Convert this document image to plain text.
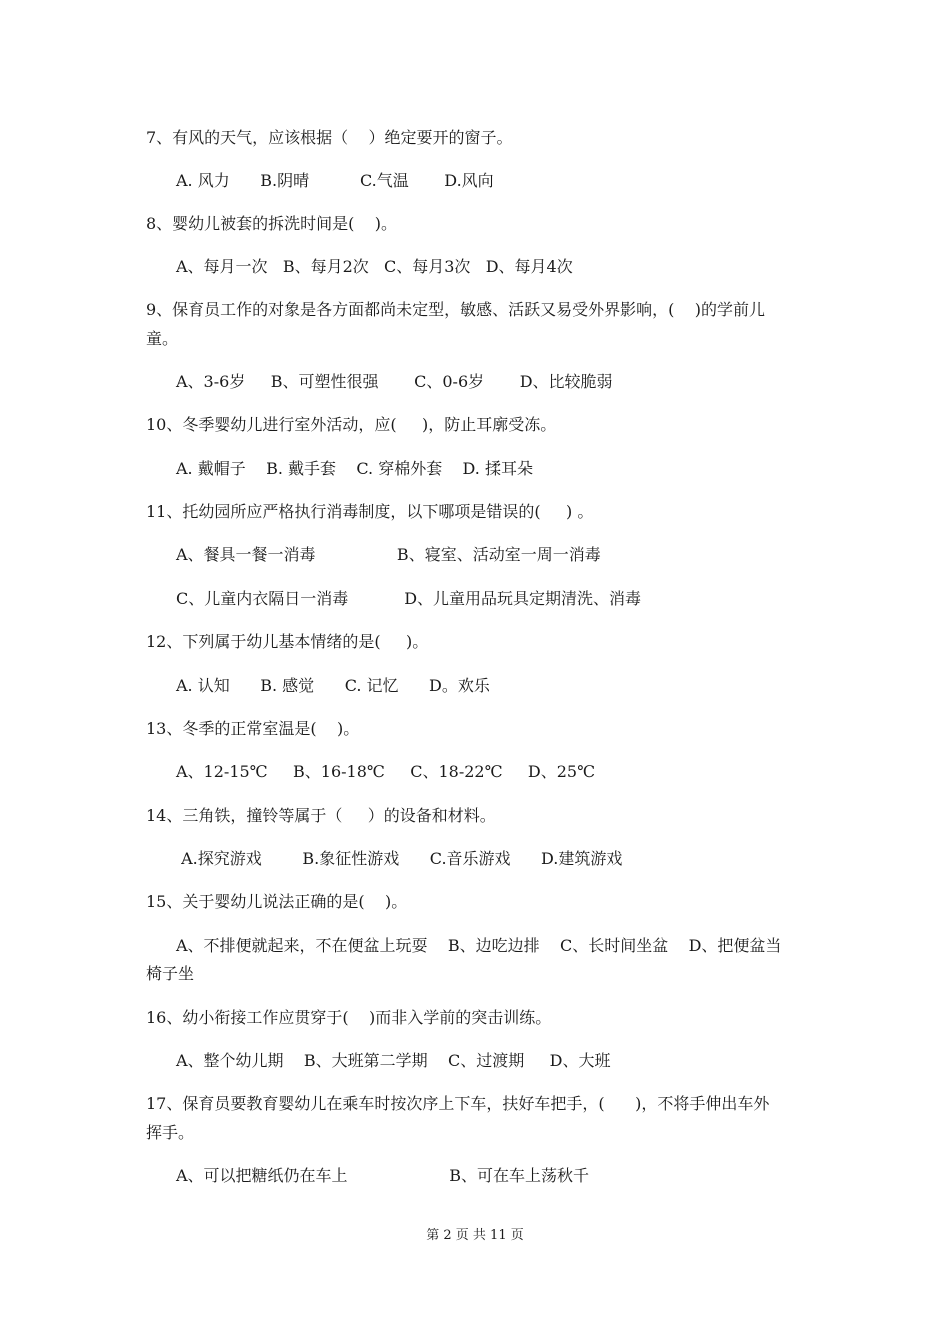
7、有风的天气，应该根据（    ）绝定要开的窗子。
A. 风力      B.阴晴          C.气温       D.风向
8、婴幼儿被套的拆洗时间是(    )。
A、每月一次   B、每月2次   C、每月3次   D、每月4次
9、保育员工作的对象是各方面都尚未定型，敏感、活跃又易受外界影响，(    )的学前儿
童。
A、3-6岁     B、可塑性很强       C、0-6岁       D、比较脆弱
10、冬季婴幼儿进行室外活动，应(     )，防止耳廓受冻。
A. 戴帽子    B. 戴手套    C. 穿棉外套    D. 揉耳朵
11、托幼园所应严格执行消毒制度，以下哪项是错误的(     ) 。
A、餐具一餐一消毒                B、寝室、活动室一周一消毒
C、儿童内衣隔日一消毒           D、儿童用品玩具定期清洗、消毒
12、下列属于幼儿基本情绪的是(     )。
A. 认知      B. 感觉      C. 记忆      D。欢乐
13、冬季的正常室温是(    )。
A、12-15℃     B、16-18℃     C、18-22℃     D、25℃
14、三角铁，撞铃等属于（     ）的设备和材料。
A.探究游戏        B.象征性游戏      C.音乐游戏      D.建筑游戏
15、关于婴幼儿说法正确的是(    )。
A、不排便就起来，不在便盆上玩耍    B、边吃边排    C、长时间坐盆    D、把便盆当
椅子坐
16、幼小衔接工作应贯穿于(    )而非入学前的突击训练。
A、整个幼儿期    B、大班第二学期    C、过渡期     D、大班
17、保育员要教育婴幼儿在乘车时按次序上下车，扶好车把手，(      )，不将手伸出车外
挥手。
A、可以把糖纸仍在车上                    B、可在车上荡秋千
第 2 页 共 11 页
